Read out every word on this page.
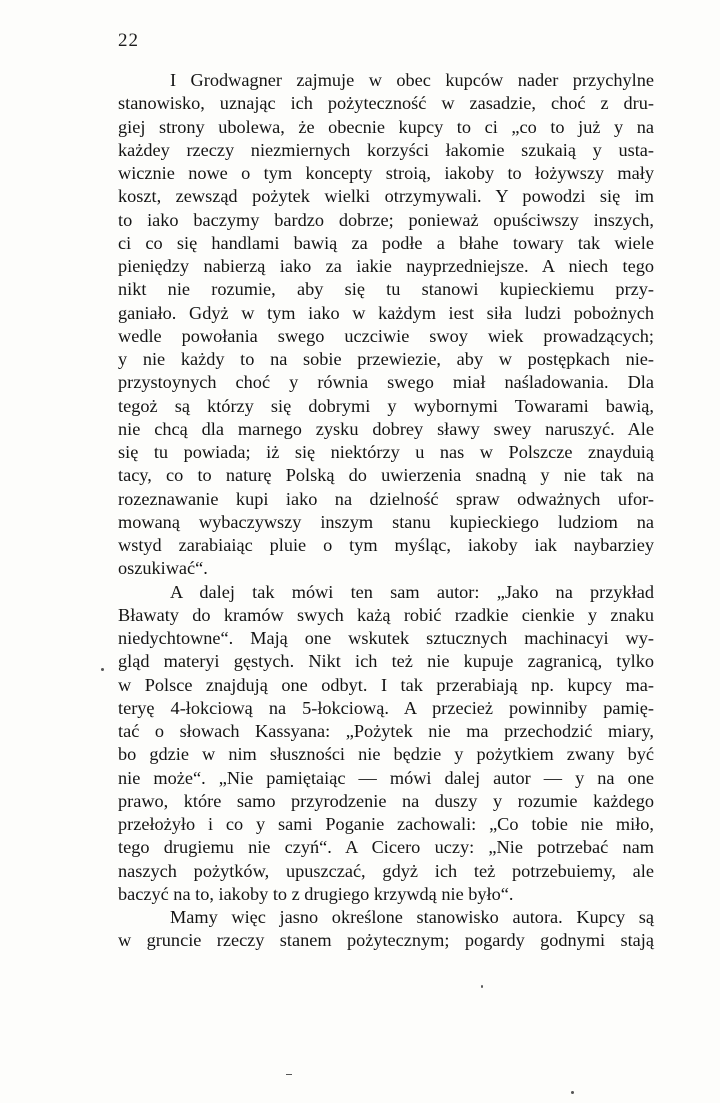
22
I Grodwagner zajmuje w obec kupców nader przychylne
stanowisko, uznając ich pożyteczność w zasadzie, choć z dru-
giej strony ubolewa, że obecnie kupcy to ci „co to już y na
każdey rzeczy niezmiernych korzyści łakomie szukaią y usta-
wicznie nowe o tym koncepty stroią, iakoby to łożywszy mały
koszt, zewsząd pożytek wielki otrzymywali. Y powodzi się im
to iako baczymy bardzo dobrze; ponieważ opuściwszy inszych,
ci co się handlami bawią za podłe a błahe towary tak wiele
pieniędzy nabierzą iako za iakie nayprzedniejsze. A niech tego
nikt nie rozumie, aby się tu stanowi kupieckiemu przy-
ganiało. Gdyż w tym iako w każdym iest siła ludzi pobożnych
wedle powołania swego uczciwie swoy wiek prowadzących;
y nie każdy to na sobie przewiezie, aby w postępkach nie-
przystoynych choć y równia swego miał naśladowania. Dla
tegoż są którzy się dobrymi y wybornymi Towarami bawią,
nie chcą dla marnego zysku dobrey sławy swey naruszyć. Ale
się tu powiada; iż się niektórzy u nas w Polszcze znayduią
tacy, co to naturę Polską do uwierzenia snadną y nie tak na
rozeznawanie kupi iako na dzielność spraw odważnych ufor-
mowaną wybaczywszy inszym stanu kupieckiego ludziom na
wstyd zarabiaiąc pluie o tym myśląc, iakoby iak naybarziey
oszukiwać“.
A dalej tak mówi ten sam autor: „Jako na przykład
Bławaty do kramów swych każą robić rzadkie cienkie y znaku
niedychtowne“. Mają one wskutek sztucznych machinacyi wy-
gląd materyi gęstych. Nikt ich też nie kupuje zagranicą, tylko
w Polsce znajdują one odbyt. I tak przerabiają np. kupcy ma-
teryę 4-łokciową na 5-łokciową. A przecież powinniby pamię-
tać o słowach Kassyana: „Pożytek nie ma przechodzić miary,
bo gdzie w nim słuszności nie będzie y pożytkiem zwany być
nie może“. „Nie pamiętaiąc — mówi dalej autor — y na one
prawo, które samo przyrodzenie na duszy y rozumie każdego
przełożyło i co y sami Poganie zachowali: „Co tobie nie miło,
tego drugiemu nie czyń“. A Cicero uczy: „Nie potrzebać nam
naszych pożytków, upuszczać, gdyż ich też potrzebuiemy, ale
baczyć na to, iakoby to z drugiego krzywdą nie było“.
Mamy więc jasno określone stanowisko autora. Kupcy są
w gruncie rzeczy stanem pożytecznym; pogardy godnymi stają
